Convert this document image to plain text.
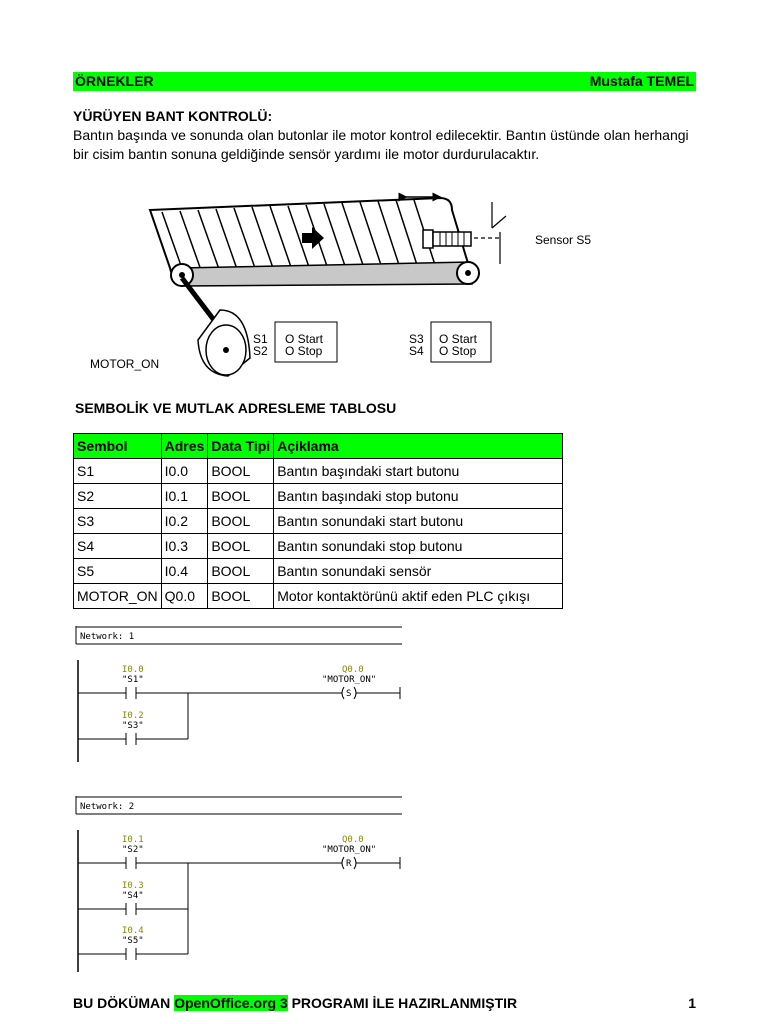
ÖRNEKLER	Mustafa TEMEL
YÜRÜYEN BANT KONTROLÜ:
Bantın başında ve sonunda olan butonlar ile motor kontrol edilecektir. Bantın üstünde olan herhangi bir cisim bantın sonuna geldiğinde sensör yardımı ile motor durdurulacaktır.
Sensor S5
MOTOR_ON
S1
S2
O Start
O Stop
S3
S4
O Start
O Stop
SEMBOLİK VE MUTLAK ADRESLEME TABLOSU
Sembol	Adres	Data Tipi	Açiklama
S1	I0.0	BOOL	Bantın başındaki start butonu
S2	I0.1	BOOL	Bantın başındaki stop butonu
S3	I0.2	BOOL	Bantın sonundaki start butonu
S4	I0.3	BOOL	Bantın sonundaki stop butonu
S5	I0.4	BOOL	Bantın sonundaki sensör
MOTOR_ON	Q0.0	BOOL	Motor kontaktörünü aktif eden PLC çıkışı
Network: 1
I0.0
"S1"
I0.2
"S3"
Q0.0
"MOTOR_ON"
S
Network: 2
I0.1
"S2"
I0.3
"S4"
I0.4
"S5"
Q0.0
"MOTOR_ON"
R
BU DÖKÜMAN OpenOffice.org 3 PROGRAMI İLE HAZIRLANMIŞTIR	1
